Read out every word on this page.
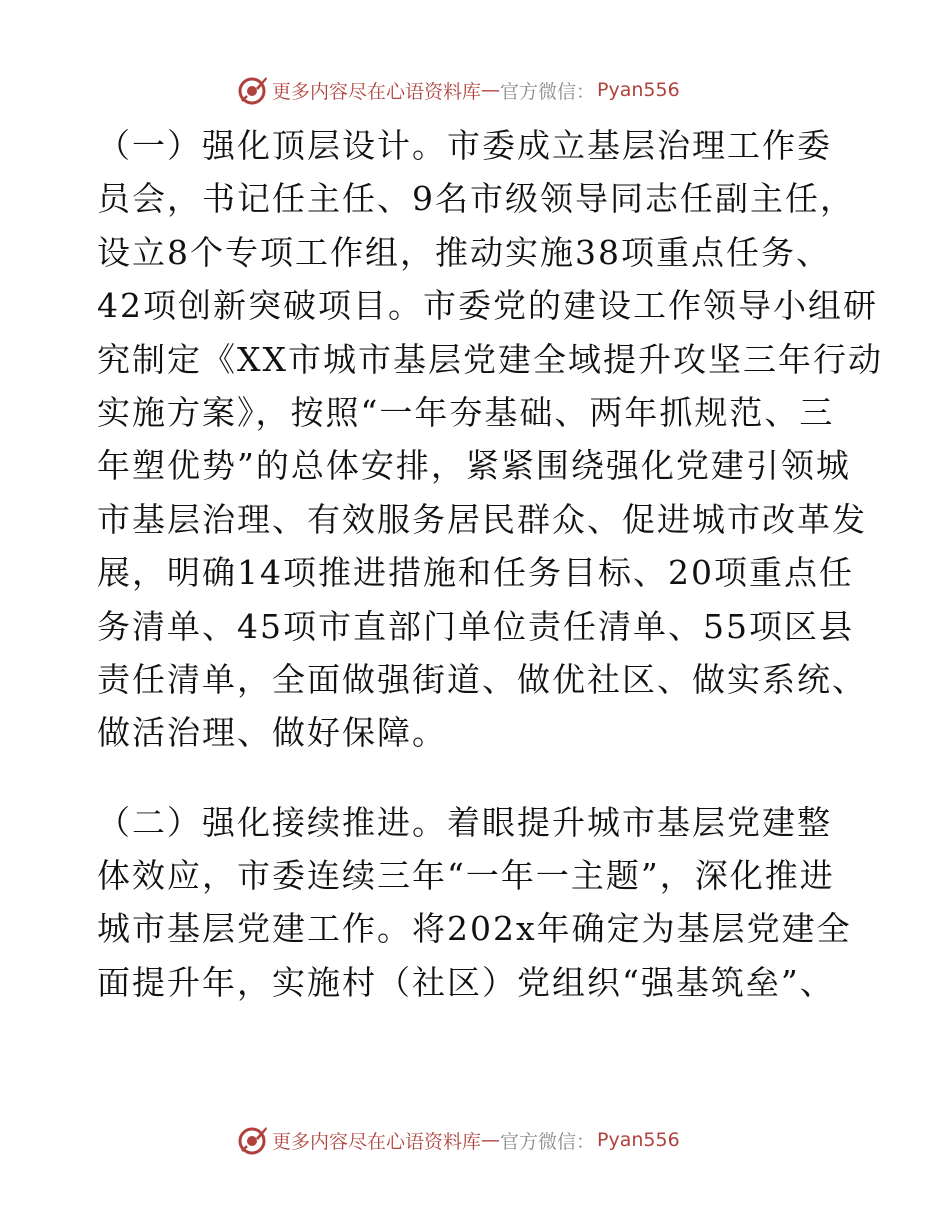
更多内容尽在心语资料库 — 官方微信： Pyan556
（一）强化顶层设计。市委成立基层治理工作委
员会，书记任主任、9名市级领导同志任副主任，
设立8个专项工作组，推动实施38项重点任务、
42项创新突破项目。市委党的建设工作领导小组研
究制定《XX市城市基层党建全域提升攻坚三年行动
实施方案》，按照“一年夯基础、两年抓规范、三
年塑优势”的总体安排，紧紧围绕强化党建引领城
市基层治理、有效服务居民群众、促进城市改革发
展，明确14项推进措施和任务目标、20项重点任
务清单、45项市直部门单位责任清单、55项区县
责任清单，全面做强街道、做优社区、做实系统、
做活治理、做好保障。
（二）强化接续推进。着眼提升城市基层党建整
体效应，市委连续三年“一年一主题”，深化推进
城市基层党建工作。将202x年确定为基层党建全
面提升年，实施村（社区）党组织“强基筑垒”、
更多内容尽在心语资料库 — 官方微信： Pyan556
